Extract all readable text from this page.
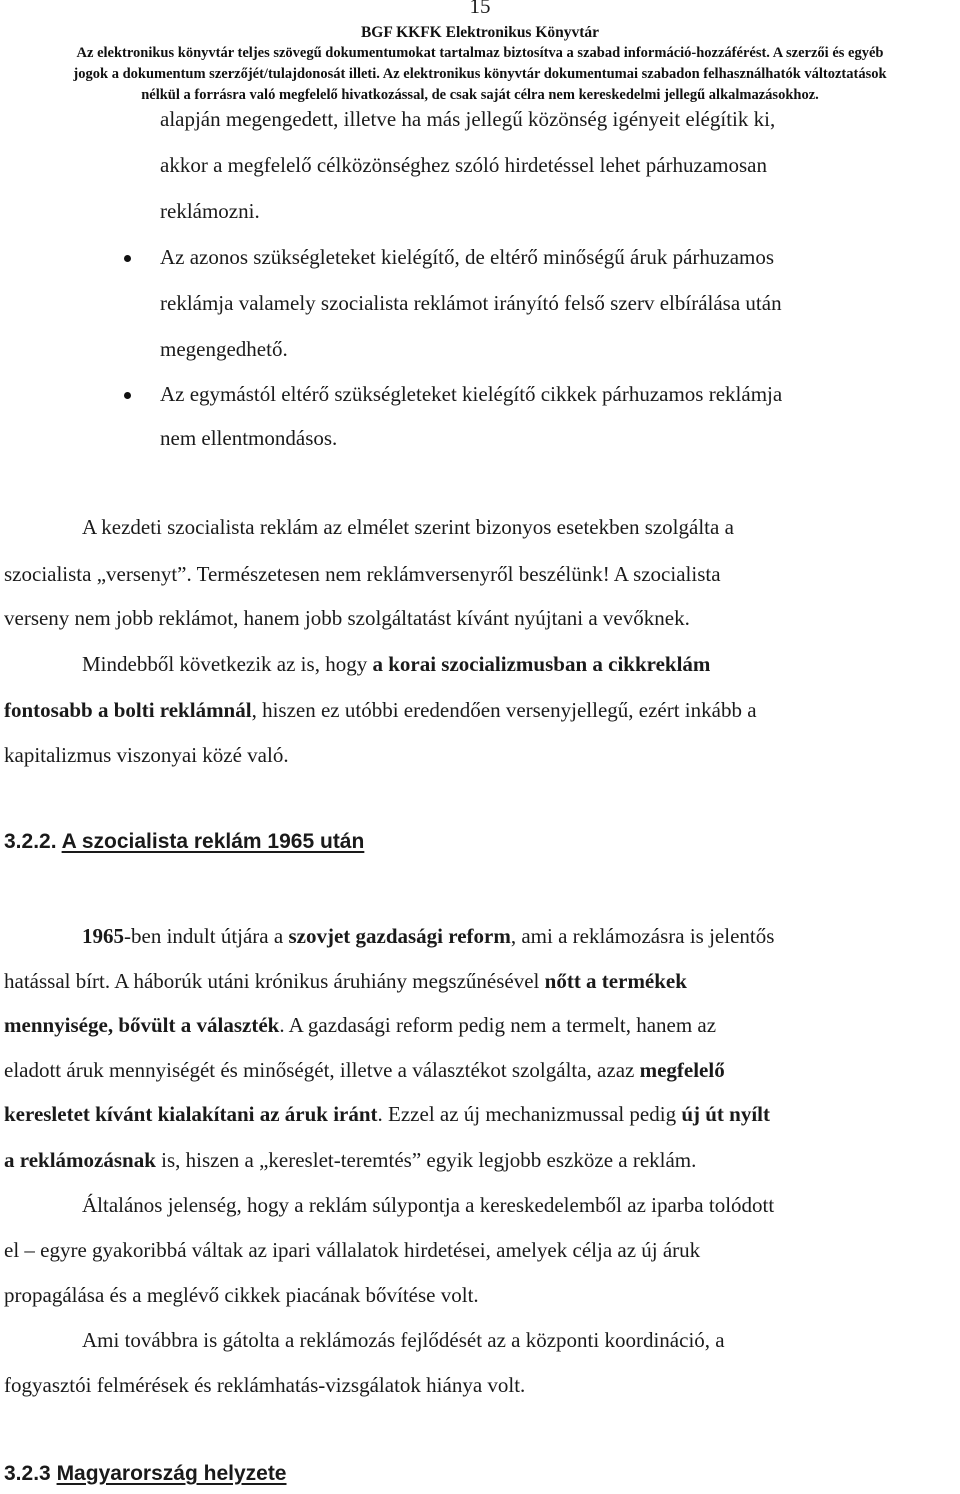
15
BGF KKFK Elektronikus Könyvtár
Az elektronikus könyvtár teljes szövegű dokumentumokat tartalmaz biztosítva a szabad információ-hozzáférést. A szerzői és egyéb
jogok a dokumentum szerzőjét/tulajdonosát illeti. Az elektronikus könyvtár dokumentumai szabadon felhasználhatók változtatások
nélkül a forrásra való megfelelő hivatkozással, de csak saját célra nem kereskedelmi jellegű alkalmazásokhoz.
alapján megengedett, illetve ha más jellegű közönség igényeit elégítik ki,
akkor a megfelelő célközönséghez szóló hirdetéssel lehet párhuzamosan
reklámozni.
Az azonos szükségleteket kielégítő, de eltérő minőségű áruk párhuzamos
reklámja valamely szocialista reklámot irányító felső szerv elbírálása után
megengedhető.
Az egymástól eltérő szükségleteket kielégítő cikkek párhuzamos reklámja
nem ellentmondásos.
A kezdeti szocialista reklám az elmélet szerint bizonyos esetekben szolgálta a
szocialista „versenyt”. Természetesen nem reklámversenyről beszélünk! A szocialista
verseny nem jobb reklámot, hanem jobb szolgáltatást kívánt nyújtani a vevőknek.
Mindebből következik az is, hogy a korai szocializmusban a cikkreklám
fontosabb a bolti reklámnál, hiszen ez utóbbi eredendően versenyjellegű, ezért inkább a
kapitalizmus viszonyai közé való.
3.2.2. A szocialista reklám 1965 után
1965-ben indult útjára a szovjet gazdasági reform, ami a reklámozásra is jelentős
hatással bírt. A háborúk utáni krónikus áruhiány megszűnésével nőtt a termékek
mennyisége, bővült a választék. A gazdasági reform pedig nem a termelt, hanem az
eladott áruk mennyiségét és minőségét, illetve a választékot szolgálta, azaz megfelelő
keresletet kívánt kialakítani az áruk iránt. Ezzel az új mechanizmussal pedig új út nyílt
a reklámozásnak is, hiszen a „kereslet-teremtés” egyik legjobb eszköze a reklám.
Általános jelenség, hogy a reklám súlypontja a kereskedelemből az iparba tolódott
el – egyre gyakoribbá váltak az ipari vállalatok hirdetései, amelyek célja az új áruk
propagálása és a meglévő cikkek piacának bővítése volt.
Ami továbbra is gátolta a reklámozás fejlődését az a központi koordináció, a
fogyasztói felmérések és reklámhatás-vizsgálatok hiánya volt.
3.2.3 Magyarország helyzete
